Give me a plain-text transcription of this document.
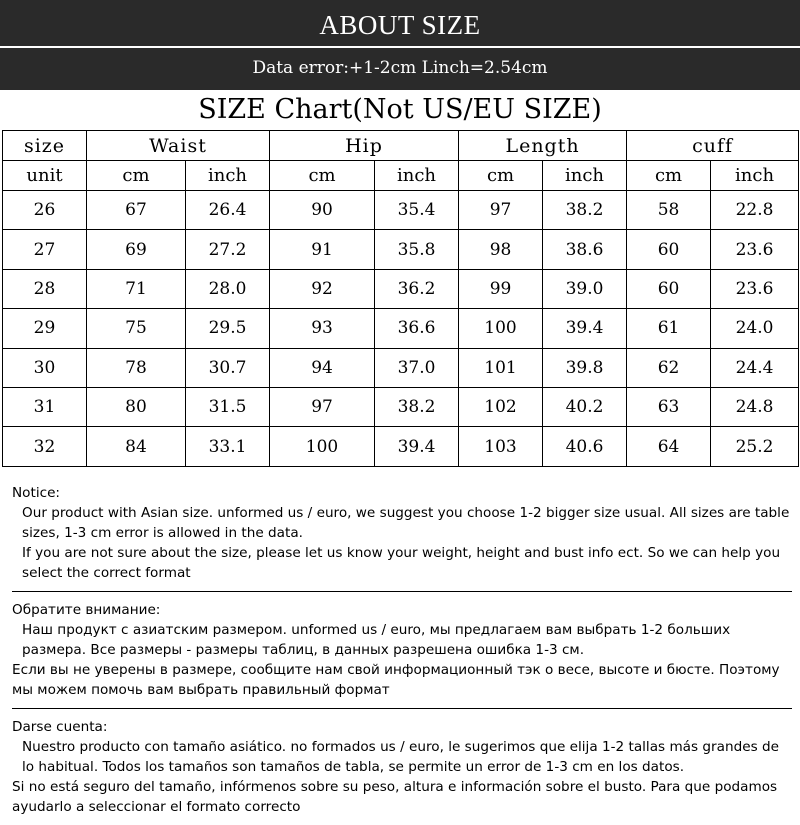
ABOUT SIZE
Data error:+1-2cm Linch=2.54cm
SIZE Chart(Not US/EU SIZE)
size	Waist		Hip		Length		cuff	
unit	cm	inch	cm	inch	cm	inch	cm	inch
26	67	26.4	90	35.4	97	38.2	58	22.8
27	69	27.2	91	35.8	98	38.6	60	23.6
28	71	28.0	92	36.2	99	39.0	60	23.6
29	75	29.5	93	36.6	100	39.4	61	24.0
30	78	30.7	94	37.0	101	39.8	62	24.4
31	80	31.5	97	38.2	102	40.2	63	24.8
32	84	33.1	100	39.4	103	40.6	64	25.2

Notice:

Our product with Asian size. unformed us / euro, we suggest you choose 1-2 bigger size usual. All sizes are table sizes, 1-3 cm error is allowed in the data.

If you are not sure about the size, please let us know your weight, height and bust info ect. So we can help you select the correct format

Обратите внимание:

Наш продукт с азиатским размером. unformed us / euro, мы предлагаем вам выбрать 1-2 больших размера. Все размеры - размеры таблиц, в данных разрешена ошибка 1-3 см.

Если вы не уверены в размере, сообщите нам свой информационный тэк о весе, высоте и бюсте. Поэтому мы можем помочь вам выбрать правильный формат

Darse cuenta:

Nuestro producto con tamaño asiático. no formados us / euro, le sugerimos que elija 1-2 tallas más grandes de lo habitual. Todos los tamaños son tamaños de tabla, se permite un error de 1-3 cm en los datos.

Si no está seguro del tamaño, infórmenos sobre su peso, altura e información sobre el busto. Para que podamos ayudarlo a seleccionar el formato correcto
